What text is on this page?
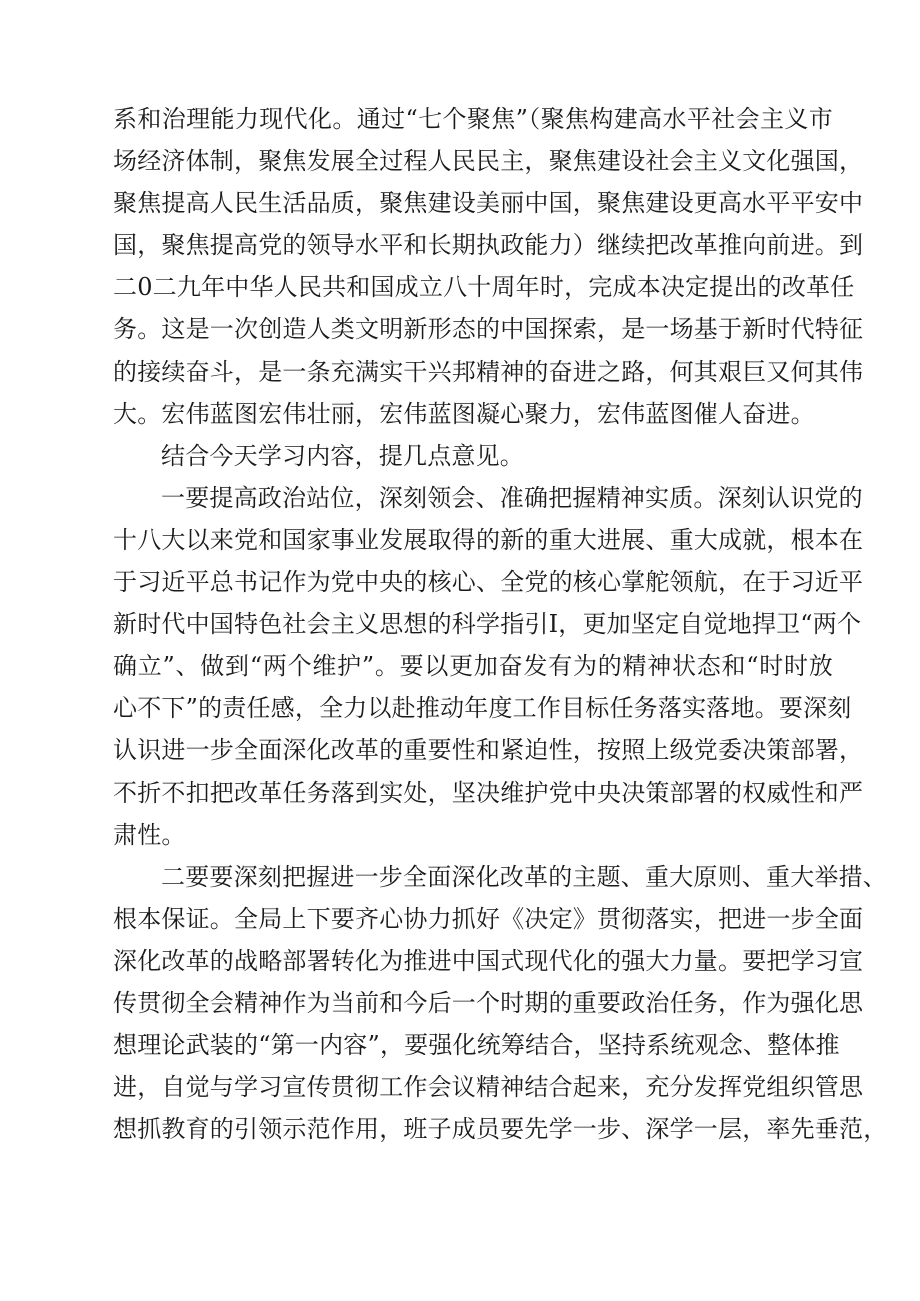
系和治理能力现代化。通过“七个聚焦”（聚焦构建高水平社会主义市
场经济体制，聚焦发展全过程人民民主，聚焦建设社会主义文化强国，
聚焦提高人民生活品质，聚焦建设美丽中国，聚焦建设更高水平平安中
国，聚焦提高党的领导水平和长期执政能力）继续把改革推向前进。到
二0二九年中华人民共和国成立八十周年时，完成本决定提出的改革任
务。这是一次创造人类文明新形态的中国探索，是一场基于新时代特征
的接续奋斗，是一条充满实干兴邦精神的奋进之路，何其艰巨又何其伟
大。宏伟蓝图宏伟壮丽，宏伟蓝图凝心聚力，宏伟蓝图催人奋进。
结合今天学习内容，提几点意见。
一要提高政治站位，深刻领会、准确把握精神实质。深刻认识党的
十八大以来党和国家事业发展取得的新的重大进展、重大成就，根本在
于习近平总书记作为党中央的核心、全党的核心掌舵领航，在于习近平
新时代中国特色社会主义思想的科学指引I，更加坚定自觉地捍卫“两个
确立”、做到“两个维护”。要以更加奋发有为的精神状态和“时时放
心不下”的责任感，全力以赴推动年度工作目标任务落实落地。要深刻
认识进一步全面深化改革的重要性和紧迫性，按照上级党委决策部署，
不折不扣把改革任务落到实处，坚决维护党中央决策部署的权威性和严
肃性。
二要要深刻把握进一步全面深化改革的主题、重大原则、重大举措、
根本保证。全局上下要齐心协力抓好《决定》贯彻落实，把进一步全面
深化改革的战略部署转化为推进中国式现代化的强大力量。要把学习宣
传贯彻全会精神作为当前和今后一个时期的重要政治任务，作为强化思
想理论武装的“第一内容”，要强化统筹结合，坚持系统观念、整体推
进，自觉与学习宣传贯彻工作会议精神结合起来，充分发挥党组织管思
想抓教育的引领示范作用，班子成员要先学一步、深学一层，率先垂范，
